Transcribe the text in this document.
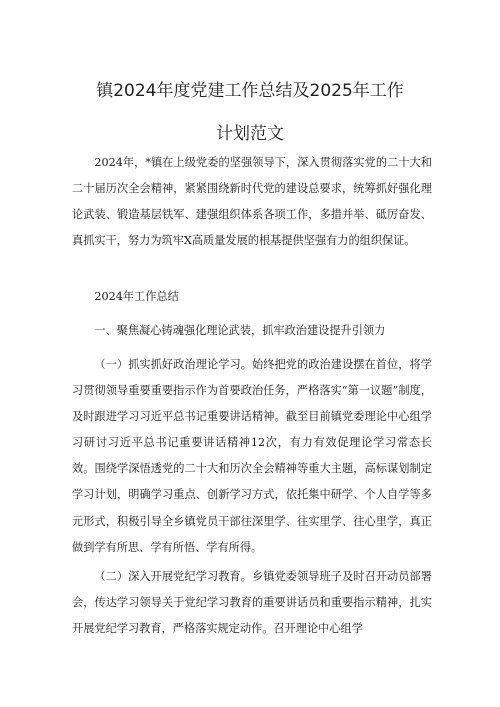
镇2024年度党建工作总结及2025年工作
计划范文

2024年，*镇在上级党委的坚强领导下，深入贯彻落实党的二十大和二十届历次全会精神，紧紧围绕新时代党的建设总要求，统筹抓好强化理论武装、锻造基层铁军、建强组织体系各项工作，多措并举、砥厉奋发、真抓实干，努力为筑牢X高质量发展的根基提供坚强有力的组织保证。

2024年工作总结

一、聚焦凝心铸魂强化理论武装，抓牢政治建设提升引领力

（一）抓实抓好政治理论学习。始终把党的政治建设摆在首位，将学习贯彻领导重要重要指示作为首要政治任务，严格落实“第一议题”制度，及时跟进学习习近平总书记重要讲话精神。截至目前镇党委理论中心组学习研讨习近平总书记重要讲话精神12次，有力有效促理论学习常态长效。围绕学深悟透党的二十大和历次全会精神等重大主题，高标谋划制定学习计划，明确学习重点、创新学习方式，依托集中研学、个人自学等多元形式，积极引导全乡镇党员干部往深里学、往实里学、往心里学，真正做到学有所思、学有所悟、学有所得。

（二）深入开展党纪学习教育。乡镇党委领导班子及时召开动员部署会，传达学习领导关于党纪学习教育的重要讲话员和重要指示精神，扎实开展党纪学习教育，严格落实规定动作。召开理论中心组学
